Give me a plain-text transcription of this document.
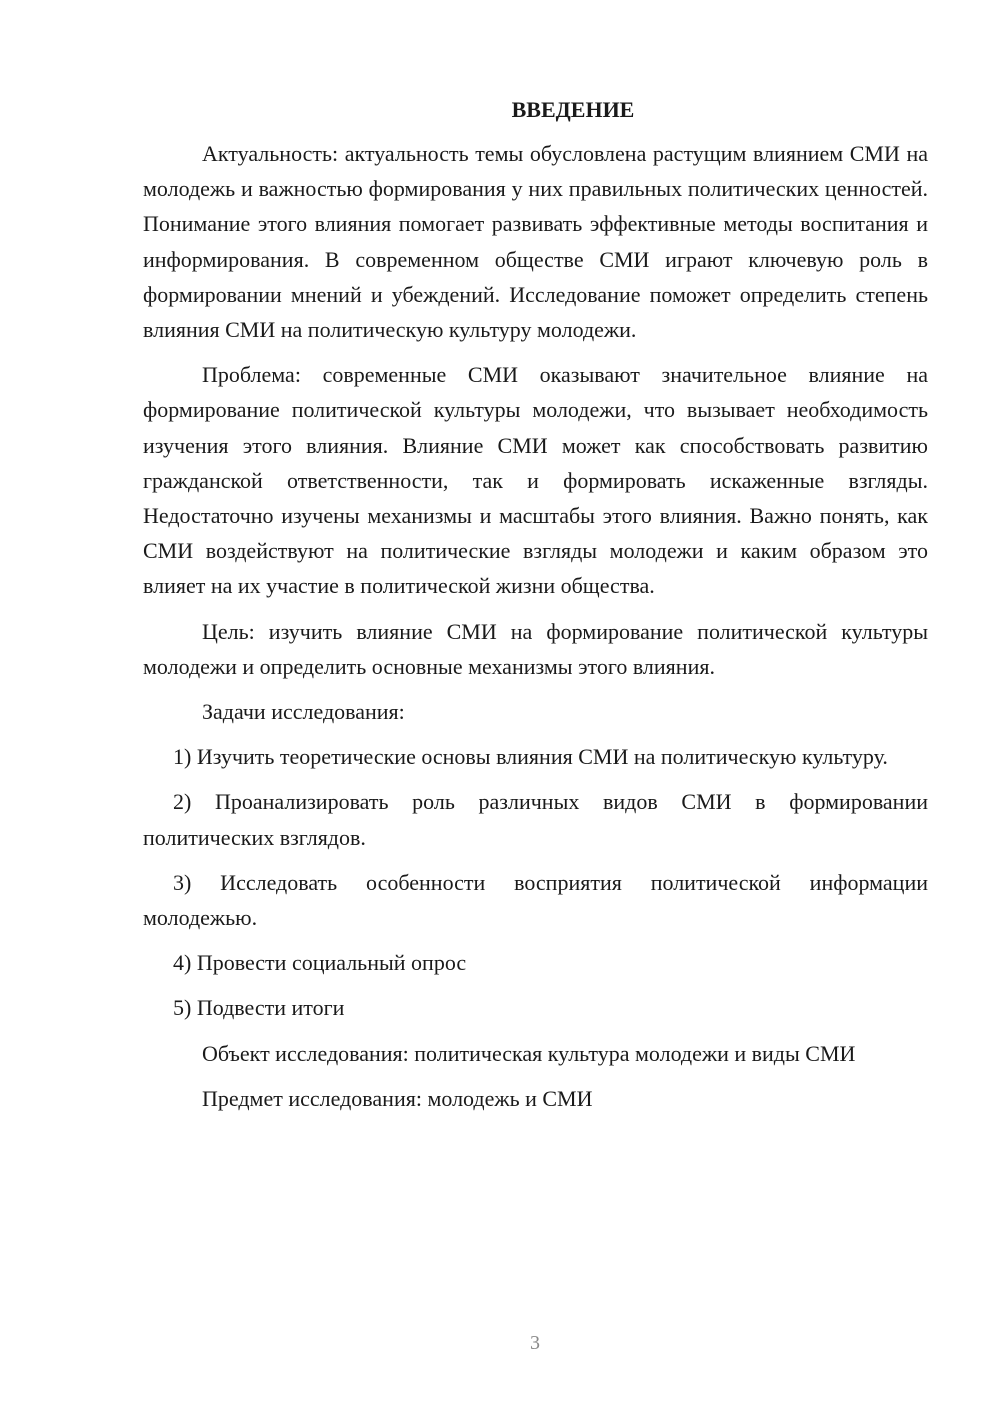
ВВЕДЕНИЕ

Актуальность: актуальность темы обусловлена растущим влиянием СМИ на молодежь и важностью формирования у них правильных политических ценностей. Понимание этого влияния помогает развивать эффективные методы воспитания и информирования. В современном обществе СМИ играют ключевую роль в формировании мнений и убеждений. Исследование поможет определить степень влияния СМИ на политическую культуру молодежи.

Проблема: современные СМИ оказывают значительное влияние на формирование политической культуры молодежи, что вызывает необходимость изучения этого влияния. Влияние СМИ может как способствовать развитию гражданской ответственности, так и формировать искаженные взгляды. Недостаточно изучены механизмы и масштабы этого влияния. Важно понять, как СМИ воздействуют на политические взгляды молодежи и каким образом это влияет на их участие в политической жизни общества.

Цель: изучить влияние СМИ на формирование политической культуры молодежи и определить основные механизмы этого влияния.

Задачи исследования:

1) Изучить теоретические основы влияния СМИ на политическую культуру.

2) Проанализировать роль различных видов СМИ в формировании политических взглядов.

3) Исследовать особенности восприятия политической информации молодежью.

4) Провести социальный опрос

5) Подвести итоги

Объект исследования: политическая культура молодежи и виды СМИ

Предмет исследования: молодежь и СМИ

3
